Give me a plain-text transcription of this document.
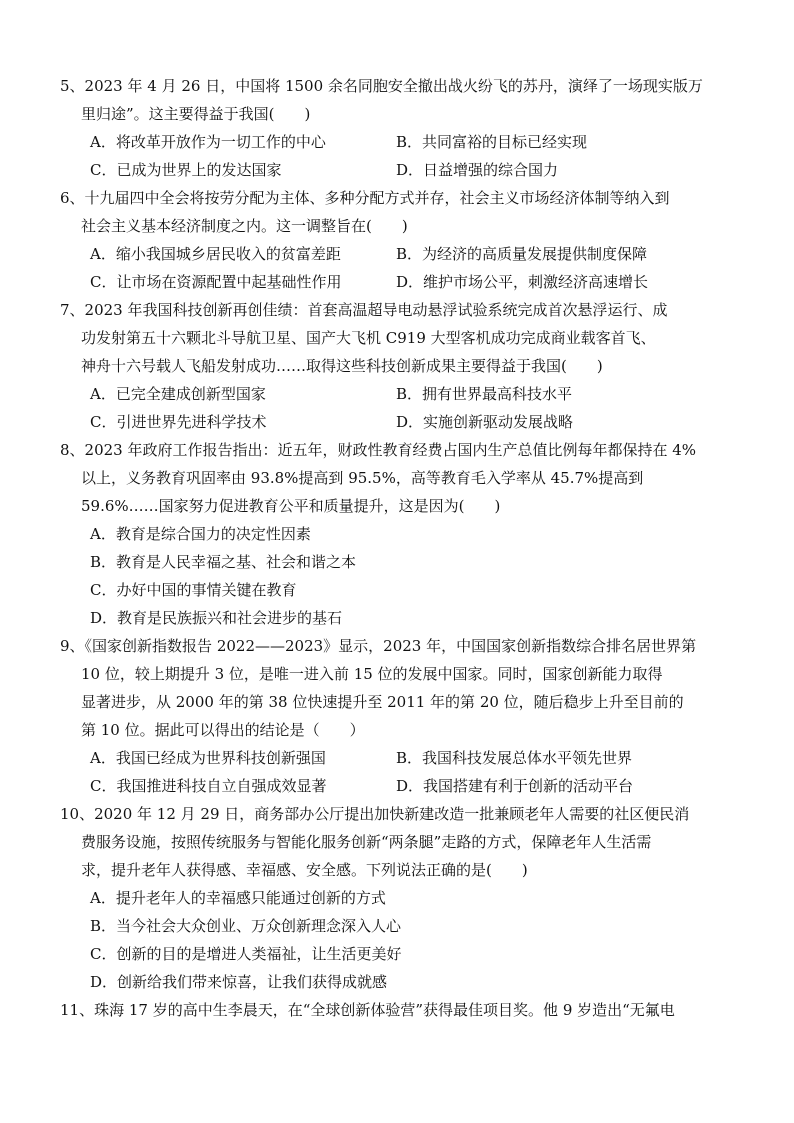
5、2023 年 4 月 26 日，中国将 1500 余名同胞安全撤出战火纷飞的苏丹，演绎了一场现实版万
里归途”。这主要得益于我国(　　)
A．将改革开放作为一切工作的中心	B．共同富裕的目标已经实现
C．已成为世界上的发达国家	D．日益增强的综合国力
6、十九届四中全会将按劳分配为主体、多种分配方式并存，社会主义市场经济体制等纳入到
社会主义基本经济制度之内。这一调整旨在(　　)
A．缩小我国城乡居民收入的贫富差距	B．为经济的高质量发展提供制度保障
C．让市场在资源配置中起基础性作用	D．维护市场公平，刺激经济高速增长
7、2023 年我国科技创新再创佳绩：首套高温超导电动悬浮试验系统完成首次悬浮运行、成
功发射第五十六颗北斗导航卫星、国产大飞机 C919 大型客机成功完成商业载客首飞、
神舟十六号载人飞船发射成功……取得这些科技创新成果主要得益于我国(　　)
A．已完全建成创新型国家	B．拥有世界最高科技水平
C．引进世界先进科学技术	D．实施创新驱动发展战略
8、2023 年政府工作报告指出：近五年，财政性教育经费占国内生产总值比例每年都保持在 4%
以上，义务教育巩固率由 93.8%提高到 95.5%，高等教育毛入学率从 45.7%提高到
59.6%……国家努力促进教育公平和质量提升，这是因为(　　)
A．教育是综合国力的决定性因素
B．教育是人民幸福之基、社会和谐之本
C．办好中国的事情关键在教育
D．教育是民族振兴和社会进步的基石
9、《国家创新指数报告 2022——2023》显示，2023 年，中国国家创新指数综合排名居世界第
10 位，较上期提升 3 位，是唯一进入前 15 位的发展中国家。同时，国家创新能力取得
显著进步，从 2000 年的第 38 位快速提升至 2011 年的第 20 位，随后稳步上升至目前的
第 10 位。据此可以得出的结论是（　　）
A．我国已经成为世界科技创新强国	B．我国科技发展总体水平领先世界
C．我国推进科技自立自强成效显著	D．我国搭建有利于创新的活动平台
10、2020 年 12 月 29 日，商务部办公厅提出加快新建改造一批兼顾老年人需要的社区便民消
费服务设施，按照传统服务与智能化服务创新“两条腿”走路的方式，保障老年人生活需
求，提升老年人获得感、幸福感、安全感。下列说法正确的是(　　)
A．提升老年人的幸福感只能通过创新的方式
B．当今社会大众创业、万众创新理念深入人心
C．创新的目的是增进人类福祉，让生活更美好
D．创新给我们带来惊喜，让我们获得成就感
11、珠海 17 岁的高中生李晨天，在“全球创新体验营”获得最佳项目奖。他 9 岁造出“无氟电
